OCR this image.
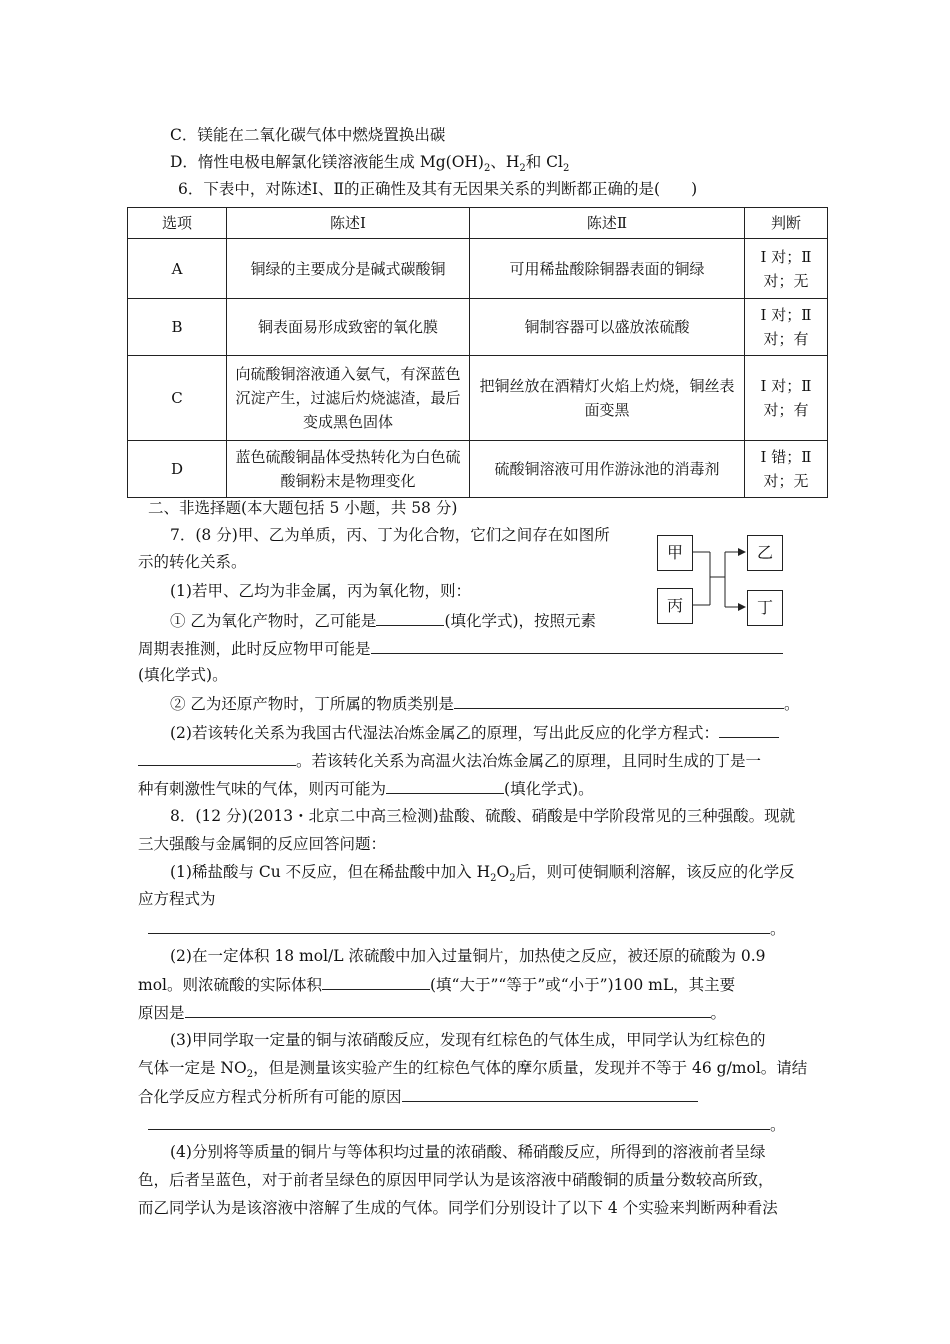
C．镁能在二氧化碳气体中燃烧置换出碳
D．惰性电极电解氯化镁溶液能生成 $Mg(OH)_2$、$H_2$和 $Cl_2$
6．下表中，对陈述Ⅰ、Ⅱ的正确性及其有无因果关系的判断都正确的是(　　)
选项	陈述Ⅰ	陈述Ⅱ	判断
A	铜绿的主要成分是碱式碳酸铜	可用稀盐酸除铜器表面的铜绿	Ⅰ 对；Ⅱ 对；无
B	铜表面易形成致密的氧化膜	铜制容器可以盛放浓硫酸	Ⅰ 对；Ⅱ 对；有
C	向硫酸铜溶液通入氨气，有深蓝色沉淀产生，过滤后灼烧滤渣，最后变成黑色固体	把铜丝放在酒精灯火焰上灼烧，铜丝表面变黑	Ⅰ 对；Ⅱ 对；有
D	蓝色硫酸铜晶体受热转化为白色硫酸铜粉末是物理变化	硫酸铜溶液可用作游泳池的消毒剂	Ⅰ 错；Ⅱ 对；无
二、非选择题(本大题包括 5 小题，共 58 分)
7．(8 分)甲、乙为单质，丙、丁为化合物，它们之间存在如图所
示的转化关系。
(1)若甲、乙均为非金属，丙为氧化物，则：
① 乙为氧化产物时，乙可能是	(填化学式)，按照元素
周期表推测，此时反应物甲可能是
(填化学式)。
② 乙为还原产物时，丁所属的物质类别是	。
(2)若该转化关系为我国古代湿法冶炼金属乙的原理，写出此反应的化学方程式：
。若该转化关系为高温火法冶炼金属乙的原理，且同时生成的丁是一
种有刺激性气味的气体，则丙可能为	(填化学式)。
甲
丙
乙
丁
8．(12 分)(2013・北京二中高三检测)盐酸、硫酸、硝酸是中学阶段常见的三种强酸。现就
三大强酸与金属铜的反应回答问题：
(1)稀盐酸与 Cu 不反应，但在稀盐酸中加入 $H_2O_2$后，则可使铜顺利溶解，该反应的化学反
应方程式为
。
(2)在一定体积 18 mol/L 浓硫酸中加入过量铜片，加热使之反应，被还原的硫酸为 0.9
mol。则浓硫酸的实际体积	(填“大于”“等于”或“小于”)100 mL，其主要
原因是	。
(3)甲同学取一定量的铜与浓硝酸反应，发现有红棕色的气体生成，甲同学认为红棕色的
气体一定是 $NO_2$，但是测量该实验产生的红棕色气体的摩尔质量，发现并不等于 46 g/mol。请结
合化学反应方程式分析所有可能的原因
。
(4)分别将等质量的铜片与等体积均过量的浓硝酸、稀硝酸反应，所得到的溶液前者呈绿
色，后者呈蓝色，对于前者呈绿色的原因甲同学认为是该溶液中硝酸铜的质量分数较高所致，
而乙同学认为是该溶液中溶解了生成的气体。同学们分别设计了以下 4 个实验来判断两种看法
